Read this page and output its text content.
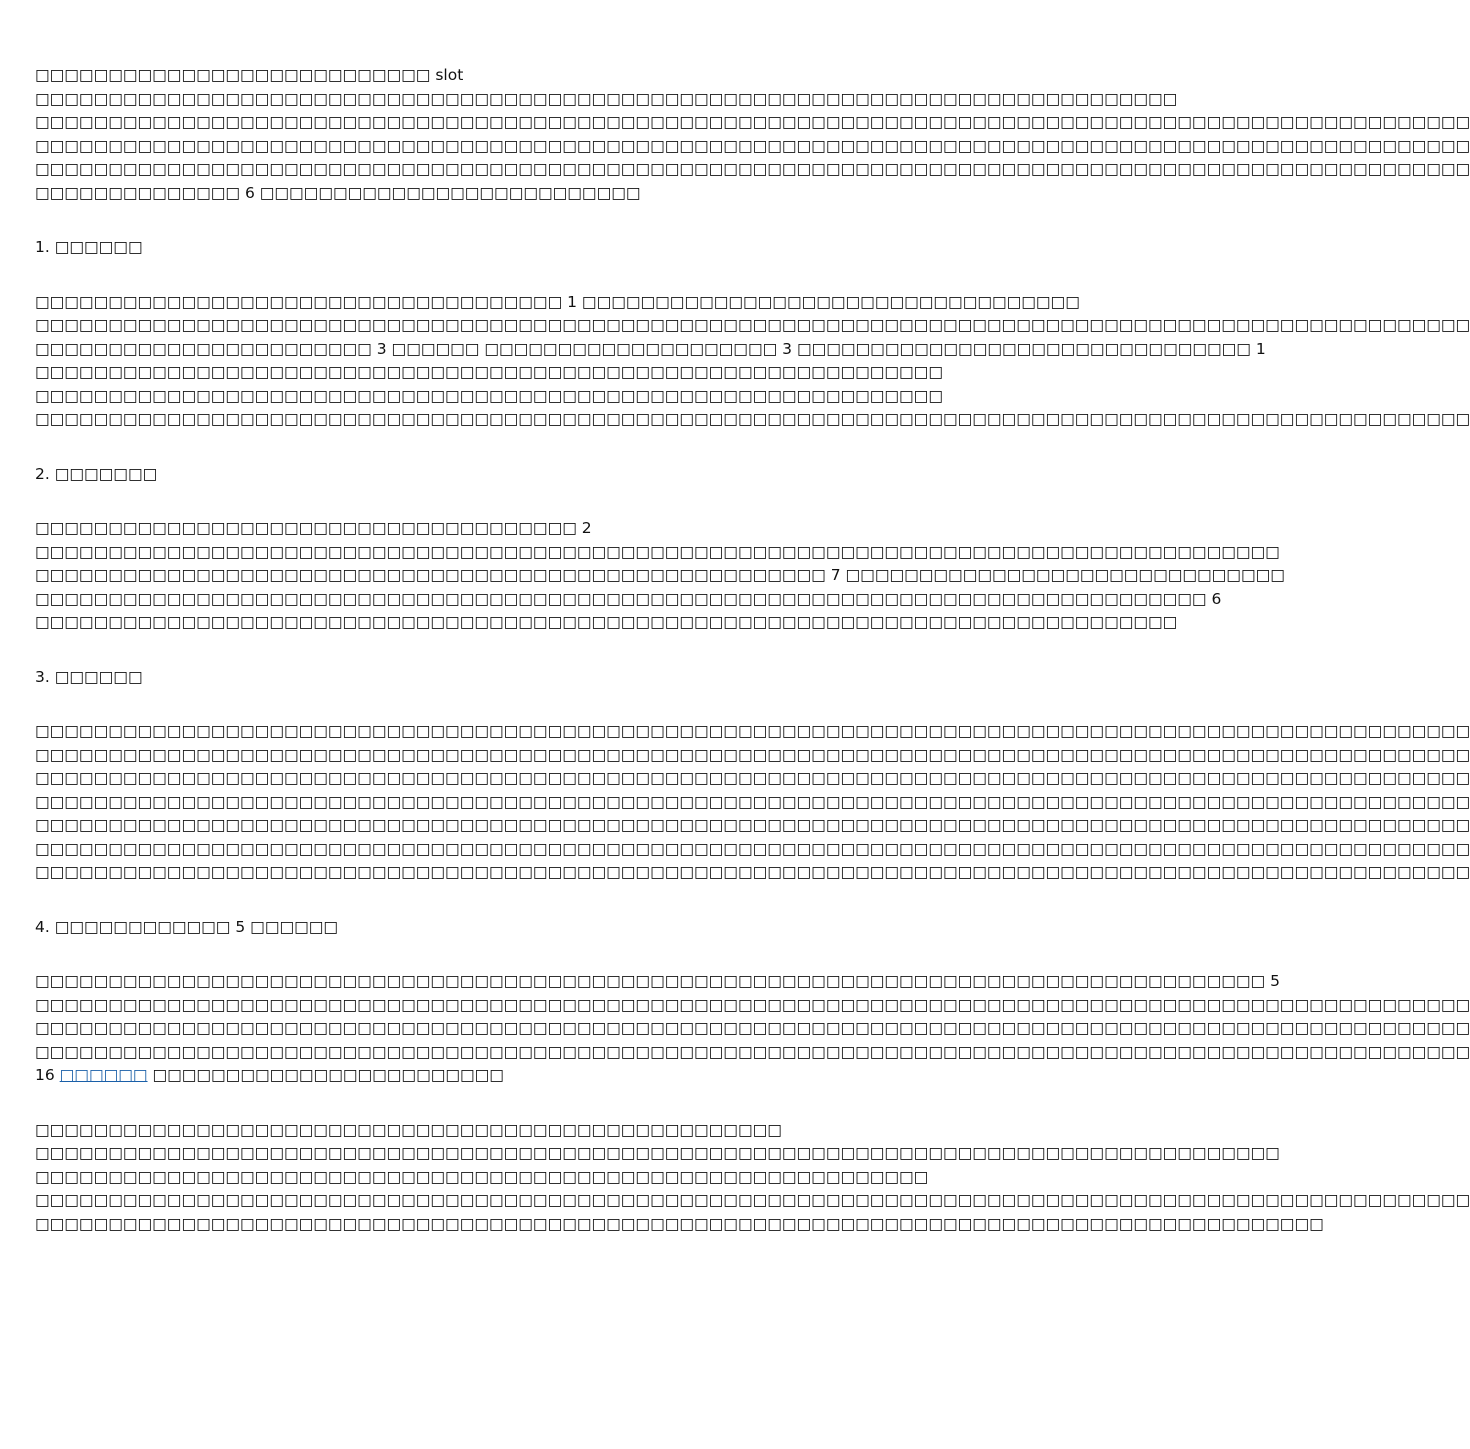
□□□□□□□□□□□□□□□□□□□□□□□□□□□ slot
□□□□□□□□□□□□□□□□□□□□□□□□□□□□□□□□□□□□□□□□□□□□□□□□□□□□□□□□□□□□□□□□□□□□□□□□□□□□□□
□□□□□□□□□□□□□□□□□□□□□□□□□□□□□□□□□□□□□□□□□□□□□□□□□□□□□□□□□□□□□□□□□□□□□□□□□□□□□□□□□□□□□□□□□□□□□□□□□□
□□□□□□□□□□□□□□□□□□□□□□□□□□□□□□□□□□□□□□□□□□□□□□□□□□□□□□□□□□□□□□□□□□□□□□□□□□□□□□□□□□□□□□□□□□□□□□□□□□
□□□□□□□□□□□□□□□□□□□□□□□□□□□□□□□□□□□□□□□□□□□□□□□□□□□□□□□□□□□□□□□□□□□□□□□□□□□□□□□□□□□□□□□□□□□□□□□□□□
□□□□□□□□□□□□□□ 6 □□□□□□□□□□□□□□□□□□□□□□□□□□
1. □□□□□□
□□□□□□□□□□□□□□□□□□□□□□□□□□□□□□□□□□□□ 1 □□□□□□□□□□□□□□□□□□□□□□□□□□□□□□□□□□
□□□□□□□□□□□□□□□□□□□□□□□□□□□□□□□□□□□□□□□□□□□□□□□□□□□□□□□□□□□□□□□□□□□□□□□□□□□□□□□□□□□□□□□□□□□□□□□□□□
□□□□□□□□□□□□□□□□□□□□□□□ 3 □□□□□□ □□□□□□□□□□□□□□□□□□□□ 3 □□□□□□□□□□□□□□□□□□□□□□□□□□□□□□□ 1
□□□□□□□□□□□□□□□□□□□□□□□□□□□□□□□□□□□□□□□□□□□□□□□□□□□□□□□□□□□□□□
□□□□□□□□□□□□□□□□□□□□□□□□□□□□□□□□□□□□□□□□□□□□□□□□□□□□□□□□□□□□□□
□□□□□□□□□□□□□□□□□□□□□□□□□□□□□□□□□□□□□□□□□□□□□□□□□□□□□□□□□□□□□□□□□□□□□□□□□□□□□□□□□□□□□□□□□□□□□□□□□□
2. □□□□□□□
□□□□□□□□□□□□□□□□□□□□□□□□□□□□□□□□□□□□□ 2
□□□□□□□□□□□□□□□□□□□□□□□□□□□□□□□□□□□□□□□□□□□□□□□□□□□□□□□□□□□□□□□□□□□□□□□□□□□□□□□□□□□□□
□□□□□□□□□□□□□□□□□□□□□□□□□□□□□□□□□□□□□□□□□□□□□□□□□□□□□□ 7 □□□□□□□□□□□□□□□□□□□□□□□□□□□□□□
□□□□□□□□□□□□□□□□□□□□□□□□□□□□□□□□□□□□□□□□□□□□□□□□□□□□□□□□□□□□□□□□□□□□□□□□□□□□□□□□ 6
□□□□□□□□□□□□□□□□□□□□□□□□□□□□□□□□□□□□□□□□□□□□□□□□□□□□□□□□□□□□□□□□□□□□□□□□□□□□□□
3. □□□□□□
□□□□□□□□□□□□□□□□□□□□□□□□□□□□□□□□□□□□□□□□□□□□□□□□□□□□□□□□□□□□□□□□□□□□□□□□□□□□□□□□□□□□□□□□□□□□□□□□□□
□□□□□□□□□□□□□□□□□□□□□□□□□□□□□□□□□□□□□□□□□□□□□□□□□□□□□□□□□□□□□□□□□□□□□□□□□□□□□□□□□□□□□□□□□□□□□□□□□□
□□□□□□□□□□□□□□□□□□□□□□□□□□□□□□□□□□□□□□□□□□□□□□□□□□□□□□□□□□□□□□□□□□□□□□□□□□□□□□□□□□□□□□□□□□□□□□□□□□
□□□□□□□□□□□□□□□□□□□□□□□□□□□□□□□□□□□□□□□□□□□□□□□□□□□□□□□□□□□□□□□□□□□□□□□□□□□□□□□□□□□□□□□□□□□□□□□□□□
□□□□□□□□□□□□□□□□□□□□□□□□□□□□□□□□□□□□□□□□□□□□□□□□□□□□□□□□□□□□□□□□□□□□□□□□□□□□□□□□□□□□□□□□□□□□□□□□□□
□□□□□□□□□□□□□□□□□□□□□□□□□□□□□□□□□□□□□□□□□□□□□□□□□□□□□□□□□□□□□□□□□□□□□□□□□□□□□□□□□□□□□□□□□□□□□□□□□□
□□□□□□□□□□□□□□□□□□□□□□□□□□□□□□□□□□□□□□□□□□□□□□□□□□□□□□□□□□□□□□□□□□□□□□□□□□□□□□□□□□□□□□□□□□□□□□□□□□
4. □□□□□□□□□□□□ 5 □□□□□□
□□□□□□□□□□□□□□□□□□□□□□□□□□□□□□□□□□□□□□□□□□□□□□□□□□□□□□□□□□□□□□□□□□□□□□□□□□□□□□□□□□□□ 5
□□□□□□□□□□□□□□□□□□□□□□□□□□□□□□□□□□□□□□□□□□□□□□□□□□□□□□□□□□□□□□□□□□□□□□□□□□□□□□□□□□□□□□□□□□□□□□□□□□
□□□□□□□□□□□□□□□□□□□□□□□□□□□□□□□□□□□□□□□□□□□□□□□□□□□□□□□□□□□□□□□□□□□□□□□□□□□□□□□□□□□□□□□□□□□□□□□□□□
□□□□□□□□□□□□□□□□□□□□□□□□□□□□□□□□□□□□□□□□□□□□□□□□□□□□□□□□□□□□□□□□□□□□□□□□□□□□□□□□□□□□□□□□□□□□□□□□□□
16 □□□□□□ □□□□□□□□□□□□□□□□□□□□□□□□
□□□□□□□□□□□□□□□□□□□□□□□□□□□□□□□□□□□□□□□□□□□□□□□□□□□
□□□□□□□□□□□□□□□□□□□□□□□□□□□□□□□□□□□□□□□□□□□□□□□□□□□□□□□□□□□□□□□□□□□□□□□□□□□□□□□□□□□□□
□□□□□□□□□□□□□□□□□□□□□□□□□□□□□□□□□□□□□□□□□□□□□□□□□□□□□□□□□□□□□
□□□□□□□□□□□□□□□□□□□□□□□□□□□□□□□□□□□□□□□□□□□□□□□□□□□□□□□□□□□□□□□□□□□□□□□□□□□□□□□□□□□□□□□□□□□□□□□□□□
□□□□□□□□□□□□□□□□□□□□□□□□□□□□□□□□□□□□□□□□□□□□□□□□□□□□□□□□□□□□□□□□□□□□□□□□□□□□□□□□□□□□□□□□
